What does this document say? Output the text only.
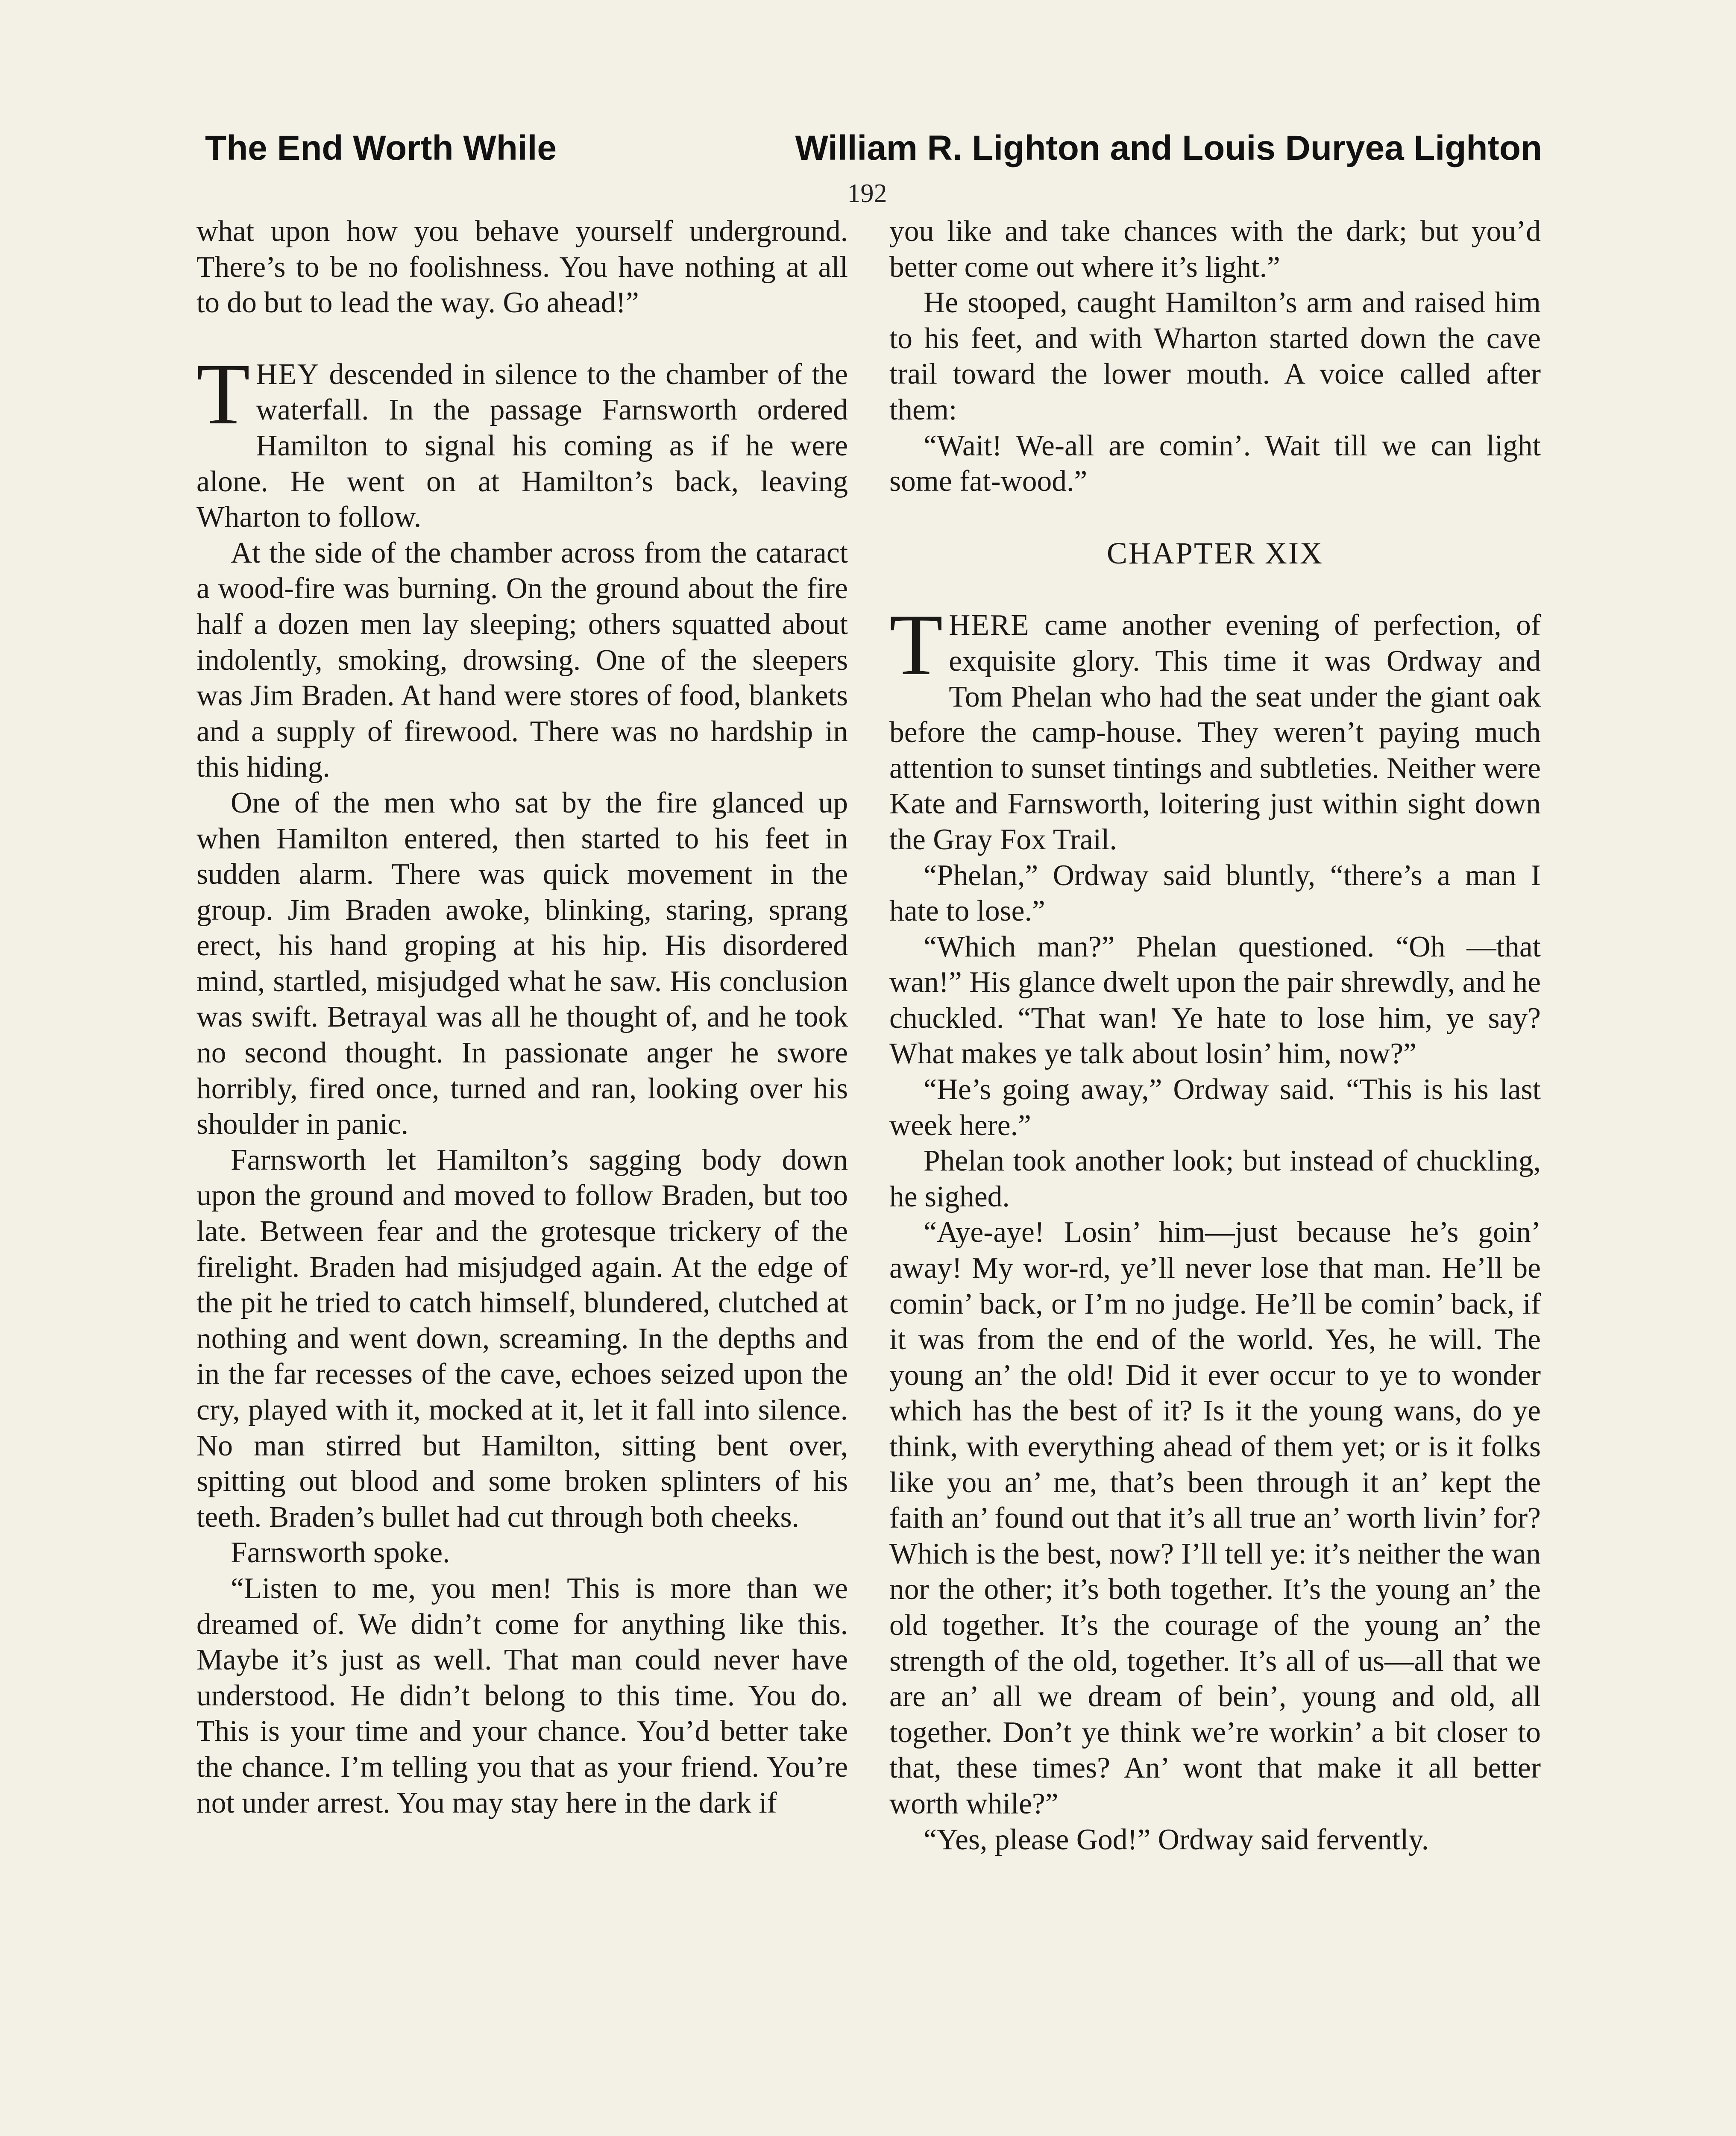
The End Worth While	William R. Lighton and Louis Duryea Lighton
192

what upon how you behave yourself underground. There’s to be no foolishness. You have nothing at all to do but to lead the way. Go ahead!”

THEY descended in silence to the chamber of the waterfall. In the passage Farnsworth ordered Hamilton to signal his coming as if he were alone. He went on at Hamilton’s back, leaving Wharton to follow.

At the side of the chamber across from the cataract a wood-fire was burning. On the ground about the fire half a dozen men lay sleeping; others squatted about indolently, smoking, drowsing. One of the sleepers was Jim Braden. At hand were stores of food, blankets and a supply of firewood. There was no hardship in this hiding.

One of the men who sat by the fire glanced up when Hamilton entered, then started to his feet in sudden alarm. There was quick movement in the group. Jim Braden awoke, blinking, staring, sprang erect, his hand groping at his hip. His disordered mind, startled, misjudged what he saw. His conclusion was swift. Betrayal was all he thought of, and he took no second thought. In passionate anger he swore horribly, fired once, turned and ran, looking over his shoulder in panic.

Farnsworth let Hamilton’s sagging body down upon the ground and moved to follow Braden, but too late. Between fear and the grotesque trickery of the firelight. Braden had misjudged again. At the edge of the pit he tried to catch himself, blundered, clutched at nothing and went down, screaming. In the depths and in the far recesses of the cave, echoes seized upon the cry, played with it, mocked at it, let it fall into silence. No man stirred but Hamilton, sitting bent over, spitting out blood and some broken splinters of his teeth. Braden’s bullet had cut through both cheeks.

Farnsworth spoke.

“Listen to me, you men! This is more than we dreamed of. We didn’t come for anything like this. Maybe it’s just as well. That man could never have understood. He didn’t belong to this time. You do. This is your time and your chance. You’d better take the chance. I’m telling you that as your friend. You’re not under arrest. You may stay here in the dark if

you like and take chances with the dark; but you’d better come out where it’s light.”

He stooped, caught Hamilton’s arm and raised him to his feet, and with Wharton started down the cave trail toward the lower mouth. A voice called after them:

“Wait! We-all are comin’. Wait till we can light some fat-wood.”

CHAPTER XIX

THERE came another evening of perfection, of exquisite glory. This time it was Ordway and Tom Phelan who had the seat under the giant oak before the camp-house. They weren’t paying much attention to sunset tintings and subtleties. Neither were Kate and Farnsworth, loitering just within sight down the Gray Fox Trail.

“Phelan,” Ordway said bluntly, “there’s a man I hate to lose.”

“Which man?” Phelan questioned. “Oh —that wan!” His glance dwelt upon the pair shrewdly, and he chuckled. “That wan! Ye hate to lose him, ye say? What makes ye talk about losin’ him, now?”

“He’s going away,” Ordway said. “This is his last week here.”

Phelan took another look; but instead of chuckling, he sighed.

“Aye-aye! Losin’ him—just because he’s goin’ away! My wor-rd, ye’ll never lose that man. He’ll be comin’ back, or I’m no judge. He’ll be comin’ back, if it was from the end of the world. Yes, he will. The young an’ the old! Did it ever occur to ye to wonder which has the best of it? Is it the young wans, do ye think, with everything ahead of them yet; or is it folks like you an’ me, that’s been through it an’ kept the faith an’ found out that it’s all true an’ worth livin’ for? Which is the best, now? I’ll tell ye: it’s neither the wan nor the other; it’s both together. It’s the young an’ the old together. It’s the courage of the young an’ the strength of the old, together. It’s all of us—all that we are an’ all we dream of bein’, young and old, all together. Don’t ye think we’re workin’ a bit closer to that, these times? An’ wont that make it all better worth while?”

“Yes, please God!” Ordway said fervently.
